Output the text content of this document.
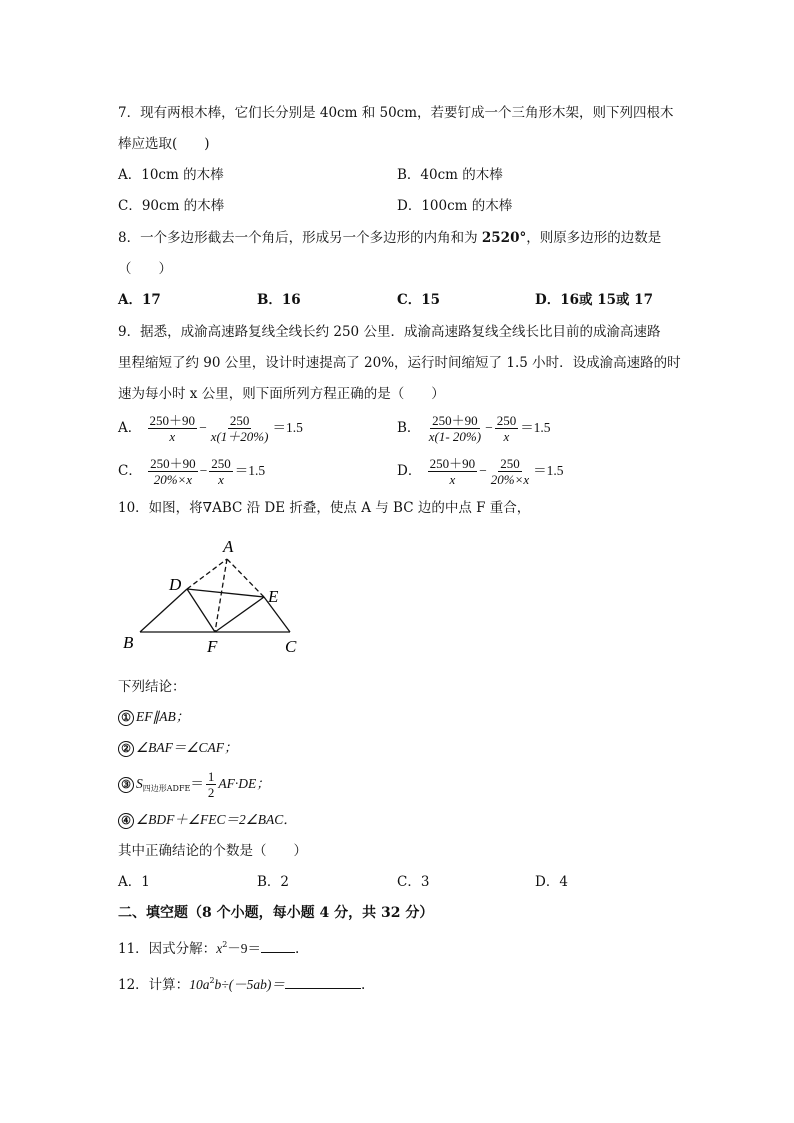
7．现有两根木棒，它们长分别是 40cm 和 50cm，若要钉成一个三角形木架，则下列四根木
棒应选取(　　)
A．10cm 的木棒	B．40cm 的木棒
C．90cm 的木棒	D．100cm 的木棒
8．一个多边形截去一个角后，形成另一个多边形的内角和为 2520°，则原多边形的边数是
（　　）
A．17	B．16	C．15	D．16或 15或 17
9．据悉，成渝高速路复线全线长约 250 公里．成渝高速路复线全线长比目前的成渝高速路
里程缩短了约 90 公里，设计时速提高了 20%，运行时间缩短了 1.5 小时．设成渝高速路的时
速为每小时 x 公里，则下面所列方程正确的是（　　）
A． $\frac{250+90}{x} - \frac{250}{x(1+20\%)} =1.5$	B． $\frac{250+90}{x(1- 20\%)} - \frac{250}{x} =1.5$
C． $\frac{250+90}{20\%\times x} - \frac{250}{x} =1.5$	D． $\frac{250+90}{x} - \frac{250}{20\%\times x} =1.5$
10．如图，将∇ABC 沿 DE 折叠，使点 A 与 BC 边的中点 F 重合，
A
B	C
D
E
F
下列结论：
① EF∥AB；
② ∠BAF＝∠CAF；
③ $S_{四边形ADFE}= \frac{1}{2} AF\cdot DE$；
④ ∠BDF＋∠FEC＝2∠BAC．
其中正确结论的个数是（　　）
A．1	B．2	C．3	D．4
二、填空题（8 个小题，每小题 4 分，共 32 分）
11．因式分解：$x^2-9=$	.
12．计算：$10a^2b\div(-5ab)=$	.
